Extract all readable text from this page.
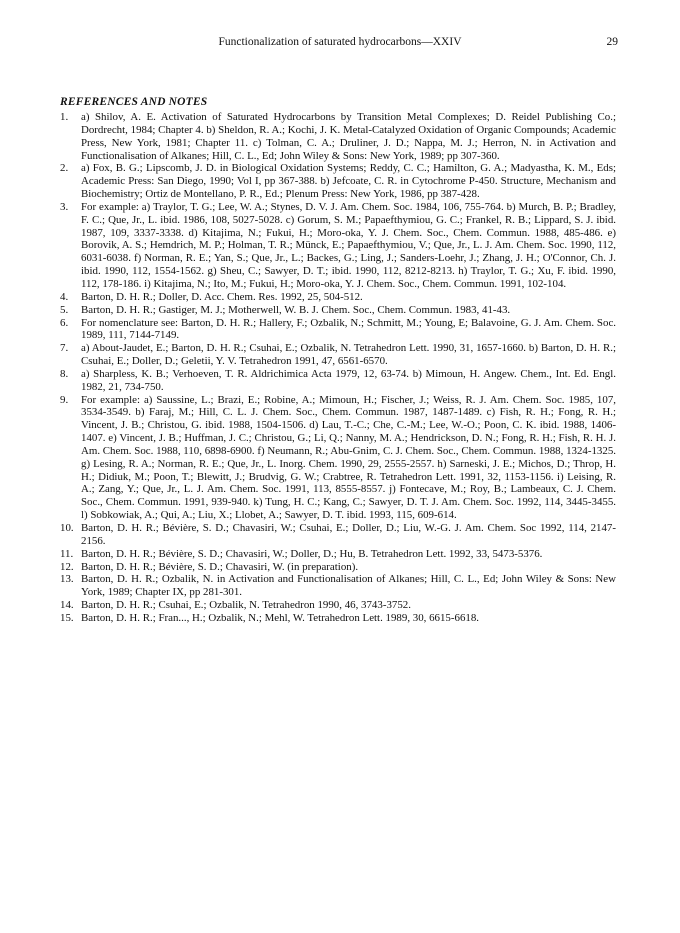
Functionalization of saturated hydrocarbons—XXIV	29
REFERENCES AND NOTES
1.	a) Shilov, A. E. Activation of Saturated Hydrocarbons by Transition Metal Complexes; D. Reidel Publishing Co.; Dordrecht, 1984; Chapter 4. b) Sheldon, R. A.; Kochi, J. K. Metal-Catalyzed Oxidation of Organic Compounds; Academic Press, New York, 1981; Chapter 11. c) Tolman, C. A.; Druliner, J. D.; Nappa, M. J.; Herron, N. in Activation and Functionalisation of Alkanes; Hill, C. L., Ed; John Wiley & Sons: New York, 1989; pp 307-360.
2.	a) Fox, B. G.; Lipscomb, J. D. in Biological Oxidation Systems; Reddy, C. C.; Hamilton, G. A.; Madyastha, K. M., Eds; Academic Press: San Diego, 1990; Vol I, pp 367-388. b) Jefcoate, C. R. in Cytochrome P-450. Structure, Mechanism and Biochemistry; Ortiz de Montellano, P. R., Ed.; Plenum Press: New York, 1986, pp 387-428.
3.	For example: a) Traylor, T. G.; Lee, W. A.; Stynes, D. V. J. Am. Chem. Soc. 1984, 106, 755-764. b) Murch, B. P.; Bradley, F. C.; Que, Jr., L. ibid. 1986, 108, 5027-5028. c) Gorum, S. M.; Papaefthymiou, G. C.; Frankel, R. B.; Lippard, S. J. ibid. 1987, 109, 3337-3338. d) Kitajima, N.; Fukui, H.; Moro-oka, Y. J. Chem. Soc., Chem. Commun. 1988, 485-486. e) Borovik, A. S.; Hemdrich, M. P.; Holman, T. R.; Münck, E.; Papaefthymiou, V.; Que, Jr., L. J. Am. Chem. Soc. 1990, 112, 6031-6038. f) Norman, R. E.; Yan, S.; Que, Jr., L.; Backes, G.; Ling, J.; Sanders-Loehr, J.; Zhang, J. H.; O'Connor, Ch. J. ibid. 1990, 112, 1554-1562. g) Sheu, C.; Sawyer, D. T.; ibid. 1990, 112, 8212-8213. h) Traylor, T. G.; Xu, F. ibid. 1990, 112, 178-186. i) Kitajima, N.; Ito, M.; Fukui, H.; Moro-oka, Y. J. Chem. Soc., Chem. Commun. 1991, 102-104.
4.	Barton, D. H. R.; Doller, D. Acc. Chem. Res. 1992, 25, 504-512.
5.	Barton, D. H. R.; Gastiger, M. J.; Motherwell, W. B. J. Chem. Soc., Chem. Commun. 1983, 41-43.
6.	For nomenclature see: Barton, D. H. R.; Hallery, F.; Ozbalik, N.; Schmitt, M.; Young, E; Balavoine, G. J. Am. Chem. Soc. 1989, 111, 7144-7149.
7.	a) About-Jaudet, E.; Barton, D. H. R.; Csuhai, E.; Ozbalik, N. Tetrahedron Lett. 1990, 31, 1657-1660. b) Barton, D. H. R.; Csuhai, E.; Doller, D.; Geletii, Y. V. Tetrahedron 1991, 47, 6561-6570.
8.	a) Sharpless, K. B.; Verhoeven, T. R. Aldrichimica Acta 1979, 12, 63-74. b) Mimoun, H. Angew. Chem., Int. Ed. Engl. 1982, 21, 734-750.
9.	For example: a) Saussine, L.; Brazi, E.; Robine, A.; Mimoun, H.; Fischer, J.; Weiss, R. J. Am. Chem. Soc. 1985, 107, 3534-3549. b) Faraj, M.; Hill, C. L. J. Chem. Soc., Chem. Commun. 1987, 1487-1489. c) Fish, R. H.; Fong, R. H.; Vincent, J. B.; Christou, G. ibid. 1988, 1504-1506. d) Lau, T.-C.; Che, C.-M.; Lee, W.-O.; Poon, C. K. ibid. 1988, 1406-1407. e) Vincent, J. B.; Huffman, J. C.; Christou, G.; Li, Q.; Nanny, M. A.; Hendrickson, D. N.; Fong, R. H.; Fish, R. H. J. Am. Chem. Soc. 1988, 110, 6898-6900. f) Neumann, R.; Abu-Gnim, C. J. Chem. Soc., Chem. Commun. 1988, 1324-1325. g) Lesing, R. A.; Norman, R. E.; Que, Jr., L. Inorg. Chem. 1990, 29, 2555-2557. h) Sarneski, J. E.; Michos, D.; Throp, H. H.; Didiuk, M.; Poon, T.; Blewitt, J.; Brudvig, G. W.; Crabtree, R. Tetrahedron Lett. 1991, 32, 1153-1156. i) Leising, R. A.; Zang, Y.; Que, Jr., L. J. Am. Chem. Soc. 1991, 113, 8555-8557. j) Fontecave, M.; Roy, B.; Lambeaux, C. J. Chem. Soc., Chem. Commun. 1991, 939-940. k) Tung, H. C.; Kang, C.; Sawyer, D. T. J. Am. Chem. Soc. 1992, 114, 3445-3455. l) Sobkowiak, A.; Qui, A.; Liu, X.; Llobet, A.; Sawyer, D. T. ibid. 1993, 115, 609-614.
10. Barton, D. H. R.; Bévière, S. D.; Chavasiri, W.; Csuhai, E.; Doller, D.; Liu, W.-G. J. Am. Chem. Soc 1992, 114, 2147-2156.
11. Barton, D. H. R.; Bévière, S. D.; Chavasiri, W.; Doller, D.; Hu, B. Tetrahedron Lett. 1992, 33, 5473-5376.
12. Barton, D. H. R.; Bévière, S. D.; Chavasiri, W. (in preparation).
13. Barton, D. H. R.; Ozbalik, N. in Activation and Functionalisation of Alkanes; Hill, C. L., Ed; John Wiley & Sons: New York, 1989; Chapter IX, pp 281-301.
14. Barton, D. H. R.; Csuhai, E.; Ozbalik, N. Tetrahedron 1990, 46, 3743-3752.
15. Barton, D. H. R.; Fran..., H.; Ozbalik, N.; Mehl, W. Tetrahedron Lett. 1989, 30, 6615-6618.
